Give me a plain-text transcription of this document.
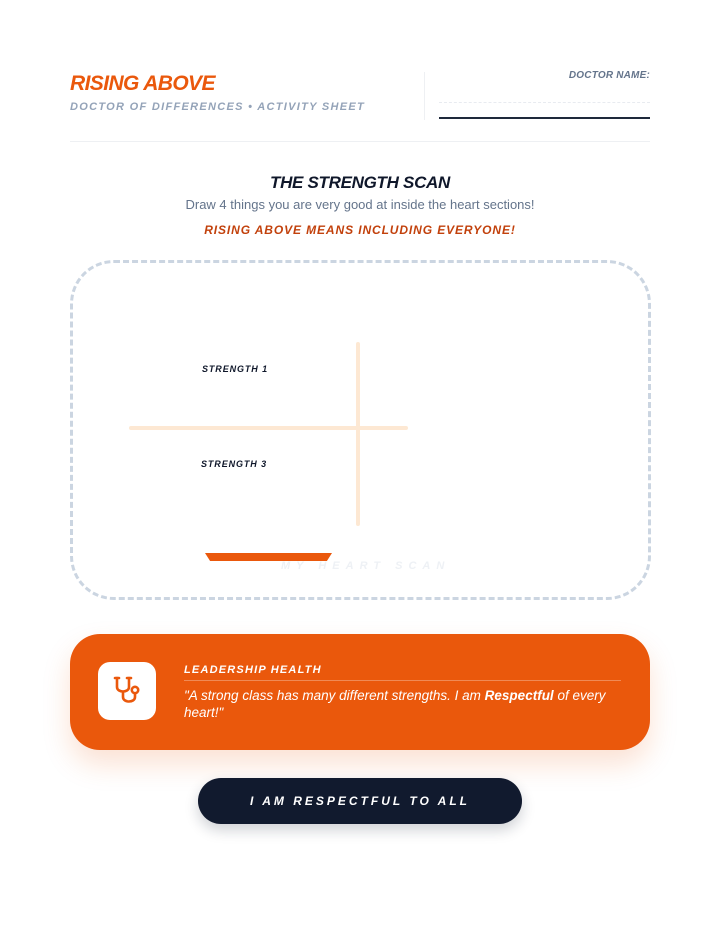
RISING ABOVE
DOCTOR OF DIFFERENCES • ACTIVITY SHEET
DOCTOR NAME:
THE STRENGTH SCAN
Draw 4 things you are very good at inside the heart sections!
RISING ABOVE MEANS INCLUDING EVERYONE!
STRENGTH 1
STRENGTH 3
MY HEART SCAN
LEADERSHIP HEALTH
"A strong class has many different strengths. I am Respectful of every heart!"
I AM RESPECTFUL TO ALL
